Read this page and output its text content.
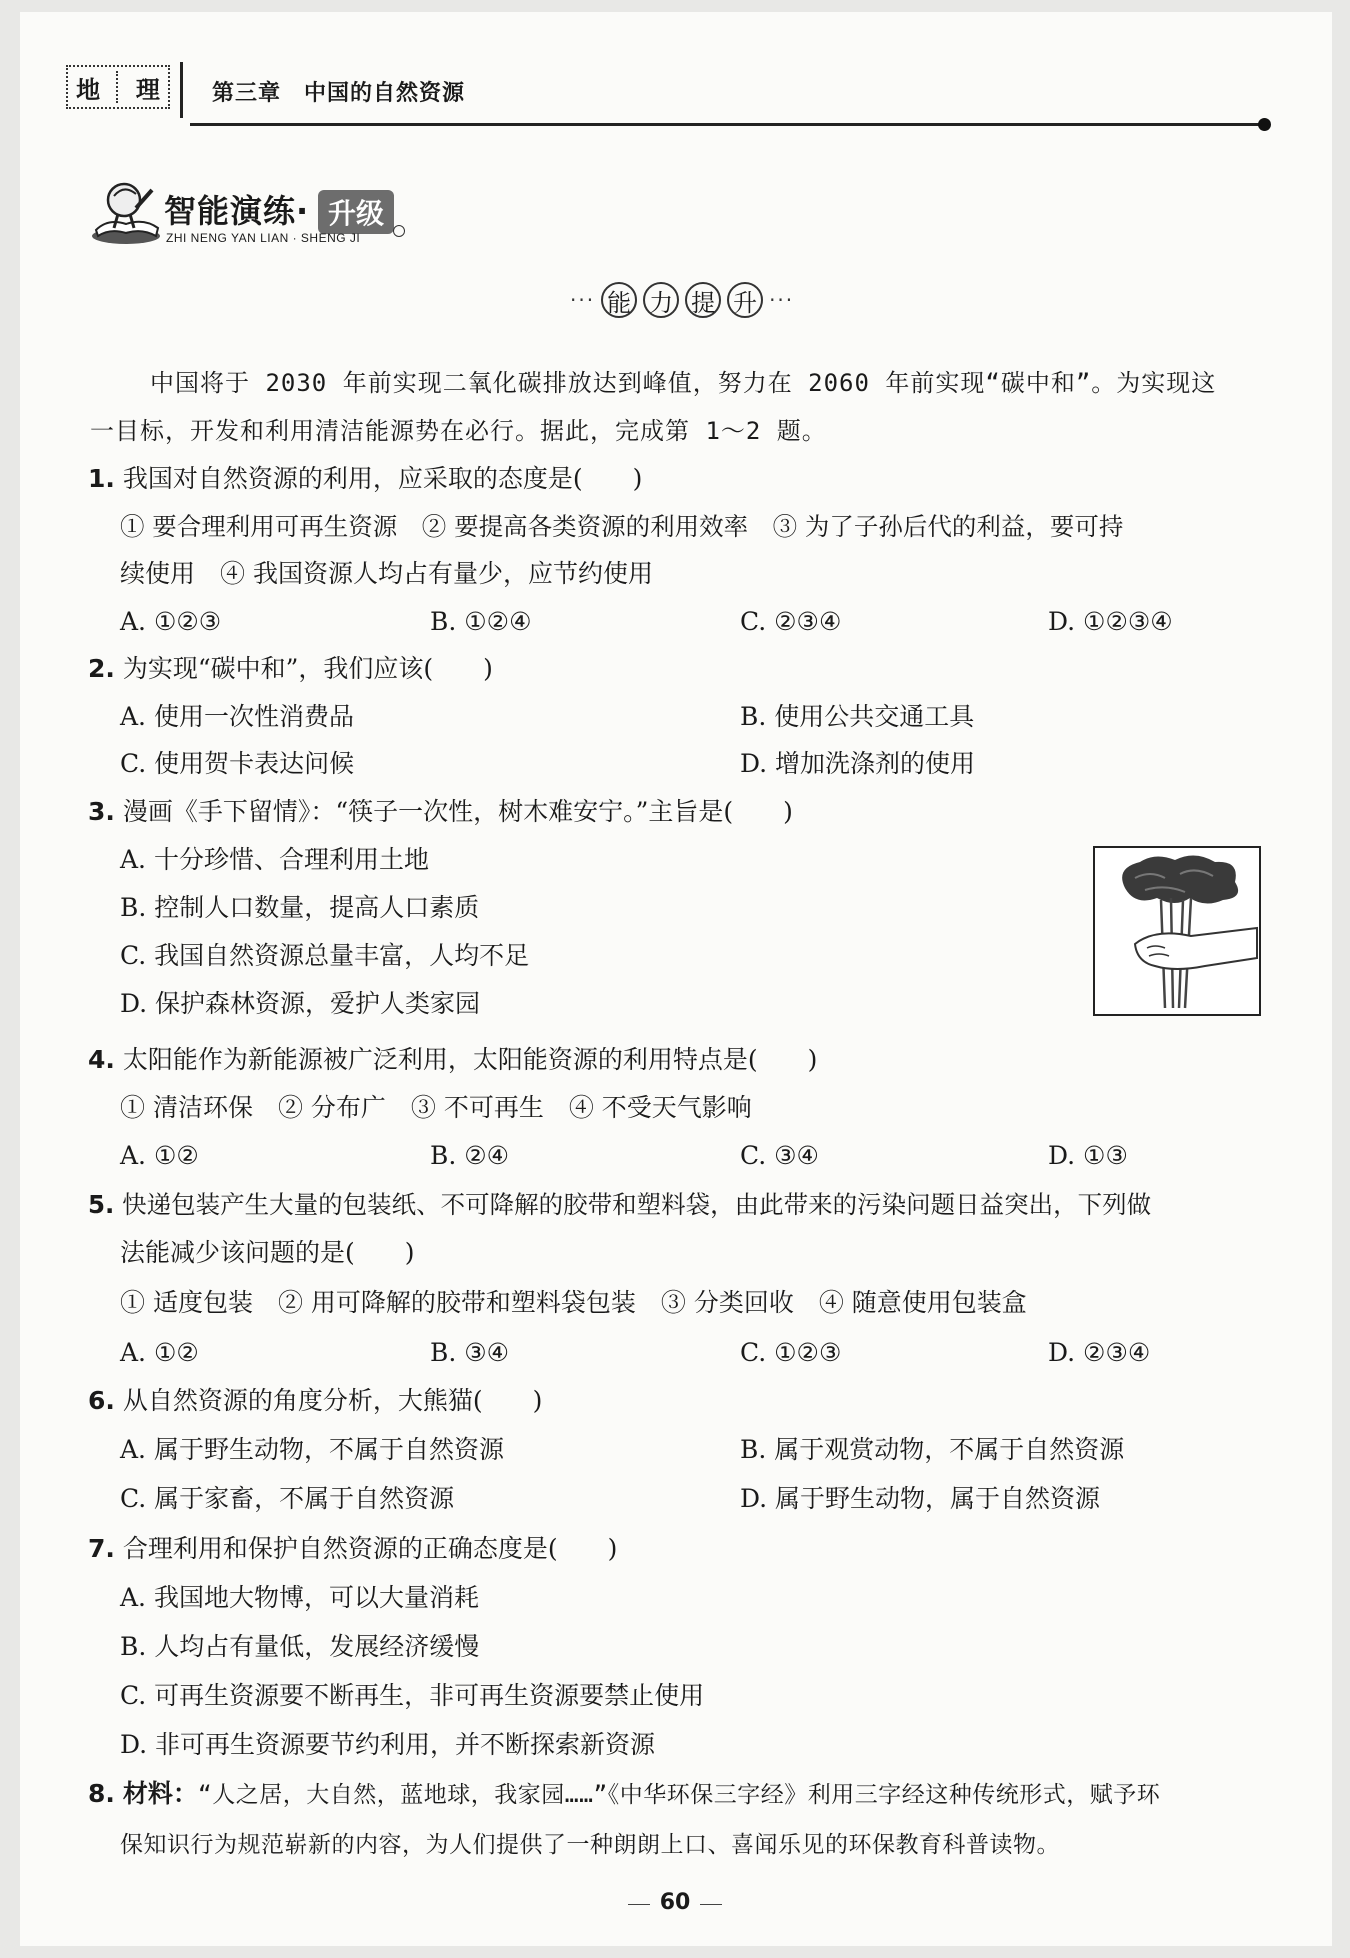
地 理 第三章　中国的自然资源
智能演练· 升级
ZHI NENG YAN LIAN · SHENG JI
··· 能 力 提 升 ···
中国将于 2030 年前实现二氧化碳排放达到峰值，努力在 2060 年前实现“碳中和”。为实现这
一目标，开发和利用清洁能源势在必行。据此，完成第 1～2 题。
1. 我国对自然资源的利用，应采取的态度是(　　)
① 要合理利用可再生资源　② 要提高各类资源的利用效率　③ 为了子孙后代的利益，要可持
续使用　④ 我国资源人均占有量少，应节约使用
A. ①②③	B. ①②④	C. ②③④	D. ①②③④
2. 为实现“碳中和”，我们应该(　　)
A. 使用一次性消费品	B. 使用公共交通工具
C. 使用贺卡表达问候	D. 增加洗涤剂的使用
3. 漫画《手下留情》：“筷子一次性，树木难安宁。”主旨是(　　)
A. 十分珍惜、合理利用土地
B. 控制人口数量，提高人口素质
C. 我国自然资源总量丰富，人均不足
D. 保护森林资源，爱护人类家园
4. 太阳能作为新能源被广泛利用，太阳能资源的利用特点是(　　)
① 清洁环保　② 分布广　③ 不可再生　④ 不受天气影响
A. ①②	B. ②④	C. ③④	D. ①③
5. 快递包装产生大量的包装纸、不可降解的胶带和塑料袋，由此带来的污染问题日益突出，下列做
法能减少该问题的是(　　)
① 适度包装　② 用可降解的胶带和塑料袋包装　③ 分类回收　④ 随意使用包装盒
A. ①②	B. ③④	C. ①②③	D. ②③④
6. 从自然资源的角度分析，大熊猫(　　)
A. 属于野生动物，不属于自然资源	B. 属于观赏动物，不属于自然资源
C. 属于家畜，不属于自然资源	D. 属于野生动物，属于自然资源
7. 合理利用和保护自然资源的正确态度是(　　)
A. 我国地大物博，可以大量消耗
B. 人均占有量低，发展经济缓慢
C. 可再生资源要不断再生，非可再生资源要禁止使用
D. 非可再生资源要节约利用，并不断探索新资源
8. 材料：“人之居，大自然，蓝地球，我家园……”《中华环保三字经》利用三字经这种传统形式，赋予环
保知识行为规范崭新的内容，为人们提供了一种朗朗上口、喜闻乐见的环保教育科普读物。
60
